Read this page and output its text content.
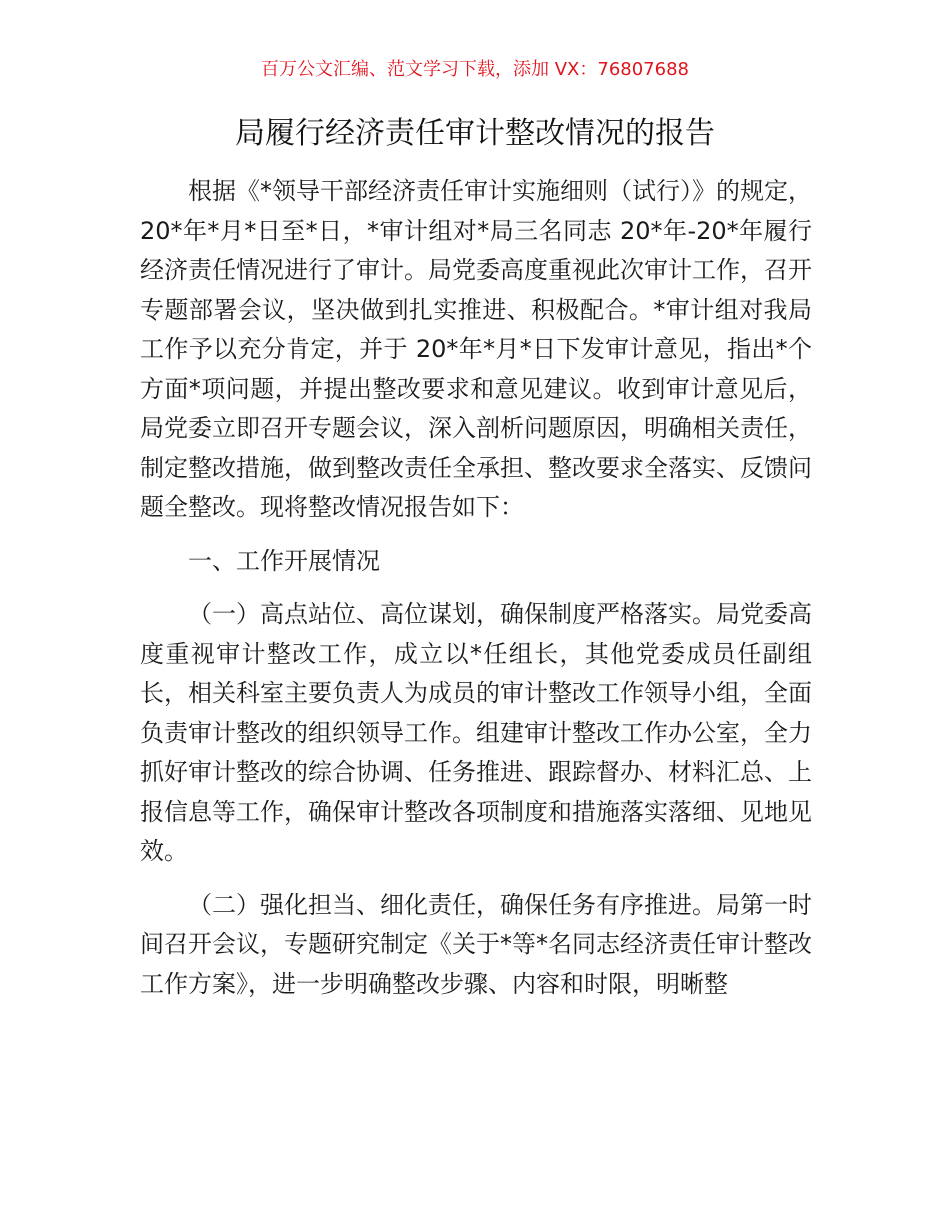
百万公文汇编、范文学习下载，添加 VX：76807688
局履行经济责任审计整改情况的报告

根据《*领导干部经济责任审计实施细则（试行）》的规定，20*年*月*日至*日，*审计组对*局三名同志 20*年-20*年履行经济责任情况进行了审计。局党委高度重视此次审计工作，召开专题部署会议，坚决做到扎实推进、积极配合。*审计组对我局工作予以充分肯定，并于 20*年*月*日下发审计意见，指出*个方面*项问题，并提出整改要求和意见建议。收到审计意见后，局党委立即召开专题会议，深入剖析问题原因，明确相关责任，制定整改措施，做到整改责任全承担、整改要求全落实、反馈问题全整改。现将整改情况报告如下：

一、工作开展情况

（一）高点站位、高位谋划，确保制度严格落实。局党委高度重视审计整改工作，成立以*任组长，其他党委成员任副组长，相关科室主要负责人为成员的审计整改工作领导小组，全面负责审计整改的组织领导工作。组建审计整改工作办公室，全力抓好审计整改的综合协调、任务推进、跟踪督办、材料汇总、上报信息等工作，确保审计整改各项制度和措施落实落细、见地见效。

（二）强化担当、细化责任，确保任务有序推进。局第一时间召开会议，专题研究制定《关于*等*名同志经济责任审计整改工作方案》，进一步明确整改步骤、内容和时限，明晰整
